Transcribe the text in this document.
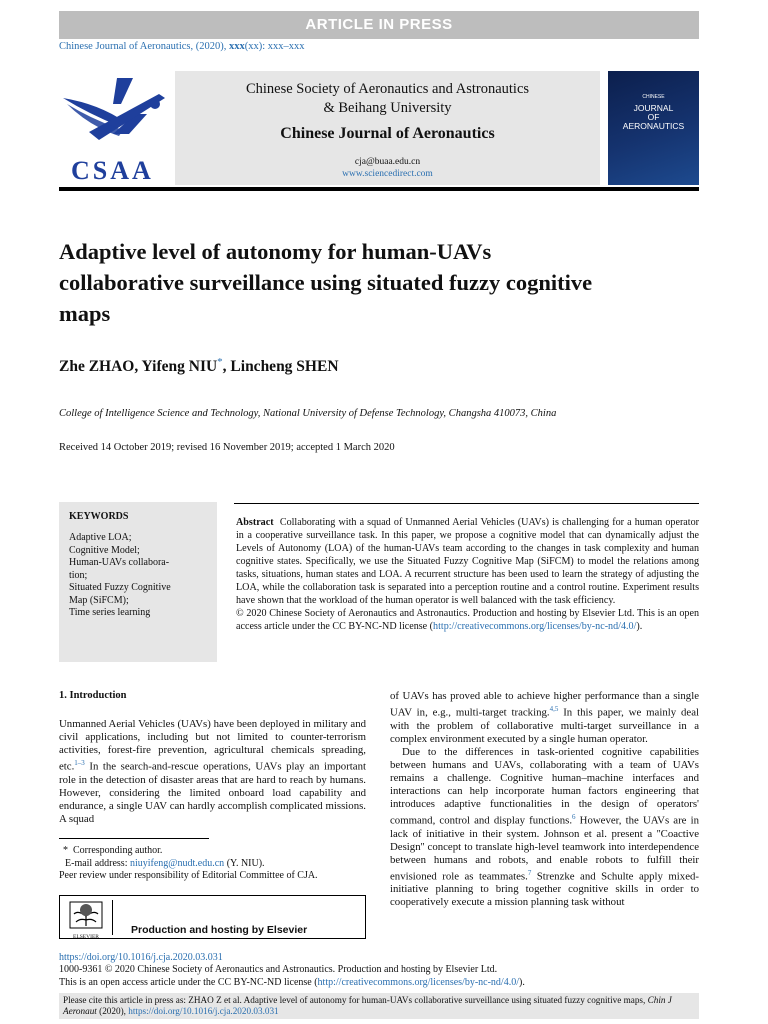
ARTICLE IN PRESS
Chinese Journal of Aeronautics, (2020), xxx(xx): xxx–xxx
CSAA
Chinese Society of Aeronautics and Astronautics
& Beihang University
Chinese Journal of Aeronautics
cja@buaa.edu.cn
www.sciencedirect.com
CHINESE
JOURNAL
OF
AERONAUTICS
Adaptive level of autonomy for human-UAVs collaborative surveillance using situated fuzzy cognitive maps
Zhe ZHAO, Yifeng NIU*, Lincheng SHEN
College of Intelligence Science and Technology, National University of Defense Technology, Changsha 410073, China
Received 14 October 2019; revised 16 November 2019; accepted 1 March 2020
KEYWORDS
Adaptive LOA;
Cognitive Model;
Human-UAVs collabora-
tion;
Situated Fuzzy Cognitive
Map (SiFCM);
Time series learning
Abstract Collaborating with a squad of Unmanned Aerial Vehicles (UAVs) is challenging for a human operator in a cooperative surveillance task. In this paper, we propose a cognitive model that can dynamically adjust the Levels of Autonomy (LOA) of the human-UAVs team according to the changes in task complexity and human cognitive states. Specifically, we use the Situated Fuzzy Cognitive Map (SiFCM) to model the relations among tasks, situations, human states and LOA. A recurrent structure has been used to learn the strategy of adjusting the LOA, while the collaboration task is separated into a perception routine and a control routine. Experiment results have shown that the workload of the human operator is well balanced with the task efficiency.
© 2020 Chinese Society of Aeronautics and Astronautics. Production and hosting by Elsevier Ltd. This is an open access article under the CC BY-NC-ND license (http://creativecommons.org/licenses/by-nc-nd/4.0/).
1. Introduction

Unmanned Aerial Vehicles (UAVs) have been deployed in military and civil applications, including but not limited to counter-terrorism activities, forest-fire prevention, agricultural chemicals spreading, etc.$^{1-3}$ In the search-and-rescue operations, UAVs play an important role in the detection of disaster areas that are hard to reach by humans. However, considering the limited onboard load capability and endurance, a single UAV can hardly accomplish complicated missions. A squad

of UAVs has proved able to achieve higher performance than a single UAV in, e.g., multi-target tracking.$^{4,5}$ In this paper, we mainly deal with the problem of collaborative multi-target surveillance in a complex environment executed by a single human operator.

Due to the differences in task-oriented cognitive capabilities between humans and UAVs, collaborating with a team of UAVs remains a challenge. Cognitive human–machine interfaces and interactions can help incorporate human factors engineering that introduces adaptive functionalities in the design of operators' command, control and display functions.$^6$ However, the UAVs are in lack of initiative in their system. Johnson et al. present a ''Coactive Design'' concept to translate high-level teamwork into interdependence between humans and robots, and enable robots to fulfill their envisioned role as teammates.$^7$ Strenzke and Schulte apply mixed-initiative planning to bring together cognitive skills in order to cooperatively execute a mission planning task without

* Corresponding author.
E-mail address: niuyifeng@nudt.edu.cn (Y. NIU).
Peer review under responsibility of Editorial Committee of CJA.
ELSEVIER
Production and hosting by Elsevier
https://doi.org/10.1016/j.cja.2020.03.031
1000-9361 © 2020 Chinese Society of Aeronautics and Astronautics. Production and hosting by Elsevier Ltd.
This is an open access article under the CC BY-NC-ND license (http://creativecommons.org/licenses/by-nc-nd/4.0/).
Please cite this article in press as: ZHAO Z et al. Adaptive level of autonomy for human-UAVs collaborative surveillance using situated fuzzy cognitive maps, Chin J Aeronaut (2020), https://doi.org/10.1016/j.cja.2020.03.031
